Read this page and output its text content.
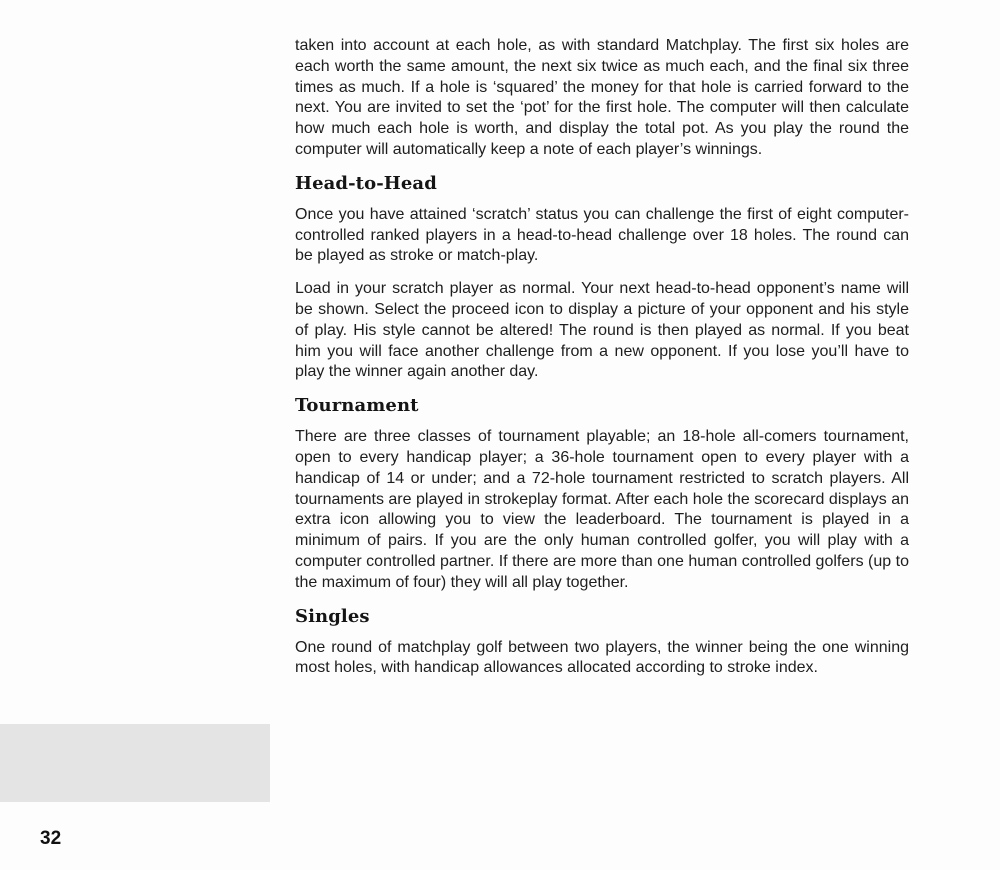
taken into account at each hole, as with standard Matchplay. The first six holes are each worth the same amount, the next six twice as much each, and the final six three times as much. If a hole is ‘squared’ the money for that hole is carried forward to the next. You are invited to set the ‘pot’ for the first hole. The computer will then calculate how much each hole is worth, and display the total pot. As you play the round the computer will automatically keep a note of each player’s winnings.

Head-to-Head

Once you have attained ‘scratch’ status you can challenge the first of eight computer-controlled ranked players in a head-to-head challenge over 18 holes. The round can be played as stroke or match-play.

Load in your scratch player as normal. Your next head-to-head opponent’s name will be shown. Select the proceed icon to display a picture of your opponent and his style of play. His style cannot be altered! The round is then played as normal. If you beat him you will face another challenge from a new opponent. If you lose you’ll have to play the winner again another day.

Tournament

There are three classes of tournament playable; an 18-hole all-comers tournament, open to every handicap player; a 36-hole tournament open to every player with a handicap of 14 or under; and a 72-hole tournament restricted to scratch players. All tournaments are played in strokeplay format. After each hole the scorecard displays an extra icon allowing you to view the leaderboard. The tournament is played in a minimum of pairs. If you are the only human controlled golfer, you will play with a computer controlled partner. If there are more than one human controlled golfers (up to the maximum of four) they will all play together.

Singles

One round of matchplay golf between two players, the winner being the one winning most holes, with handicap allowances allocated according to stroke index.

32
